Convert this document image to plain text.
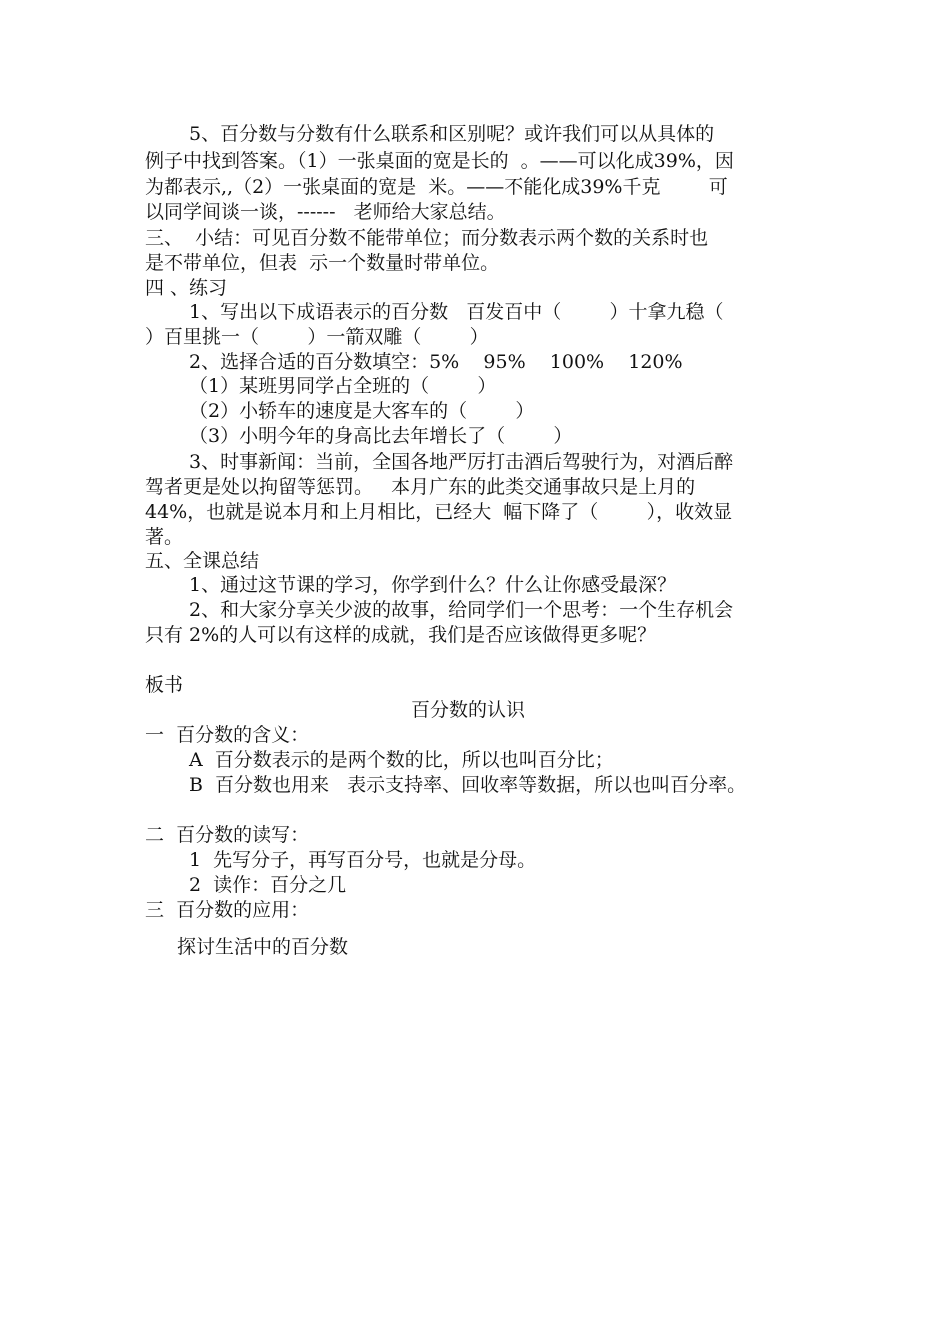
5、百分数与分数有什么联系和区别呢？或许我们可以从具体的
例子中找到答案。（1）一张桌面的宽是长的  。——可以化成39%，因
为都表示,,（2）一张桌面的宽是  米。——不能化成39%千克        可
以同学间谈一谈，------   老师给大家总结。
三、  小结：可见百分数不能带单位；而分数表示两个数的关系时也
是不带单位，但表  示一个数量时带单位。
四 、练习
1、写出以下成语表示的百分数   百发百中（        ）十拿九稳（
）百里挑一（        ）一箭双雕（        ）
2、选择合适的百分数填空：5%    95%    100%    120%
（1）某班男同学占全班的（        ）
（2）小轿车的速度是大客车的（        ）
（3）小明今年的身高比去年增长了（        ）
3、时事新闻：当前，全国各地严厉打击酒后驾驶行为，对酒后醉
驾者更是处以拘留等惩罚。   本月广东的此类交通事故只是上月的
44%，也就是说本月和上月相比，已经大  幅下降了（        ），收效显
著。
五、全课总结
1、通过这节课的学习，你学到什么？什么让你感受最深？
2、和大家分享关少波的故事，给同学们一个思考：一个生存机会
只有 2%的人可以有这样的成就，我们是否应该做得更多呢？
板书
百分数的认识
一  百分数的含义：
A  百分数表示的是两个数的比，所以也叫百分比；
B  百分数也用来   表示支持率、回收率等数据，所以也叫百分率。
二  百分数的读写：
1  先写分子，再写百分号，也就是分母。
2  读作：百分之几
三  百分数的应用：
探讨生活中的百分数
